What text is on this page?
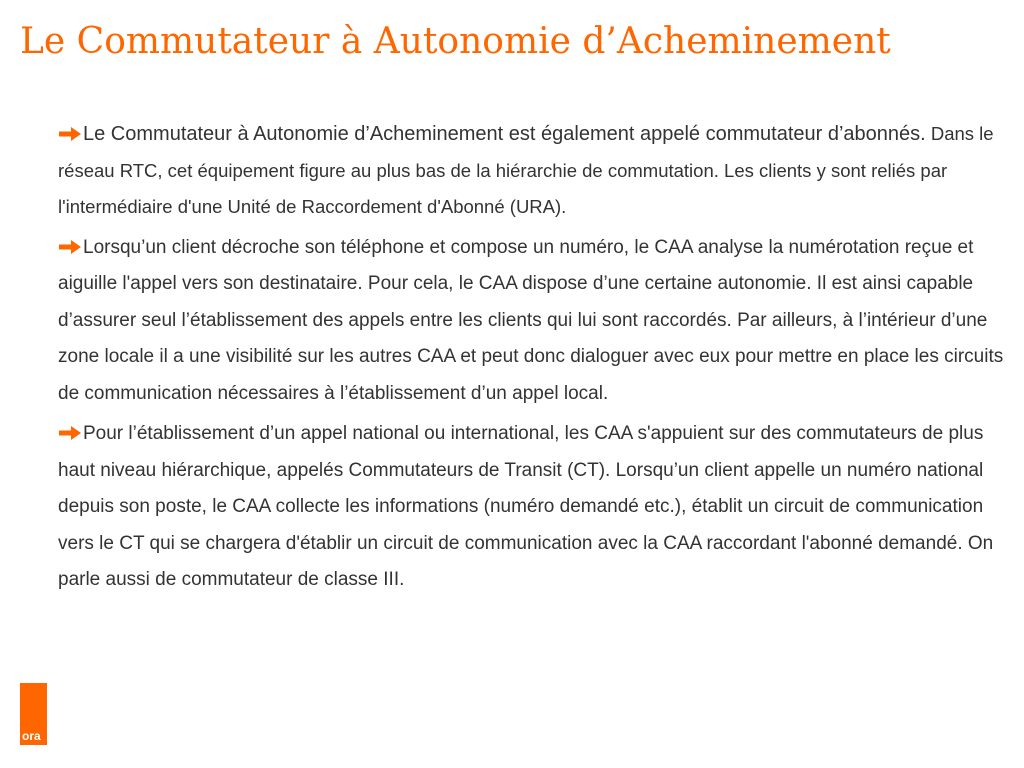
Le Commutateur à Autonomie d’Acheminement

Le Commutateur à Autonomie d’Acheminement est également appelé commutateur d’abonnés. Dans le réseau RTC, cet équipement figure au plus bas de la hiérarchie de commutation. Les clients y sont reliés par l'intermédiaire d'une Unité de Raccordement d'Abonné (URA).

Lorsqu’un client décroche son téléphone et compose un numéro, le CAA analyse la numérotation reçue et aiguille l'appel vers son destinataire. Pour cela, le CAA dispose d’une certaine autonomie. Il est ainsi capable d’assurer seul l’établissement des appels entre les clients qui lui sont raccordés. Par ailleurs, à l’intérieur d’une zone locale il a une visibilité sur les autres CAA et peut donc dialoguer avec eux pour mettre en place les circuits de communication nécessaires à l’établissement d’un appel local.

Pour l’établissement d’un appel national ou international, les CAA s'appuient sur des commutateurs de plus haut niveau hiérarchique, appelés Commutateurs de Transit (CT). Lorsqu’un client appelle un numéro national depuis son poste, le CAA collecte les informations (numéro demandé etc.), établit un circuit de communication vers le CT qui se chargera d'établir un circuit de communication avec la CAA raccordant l'abonné demandé. On parle aussi de commutateur de classe III.

ora
